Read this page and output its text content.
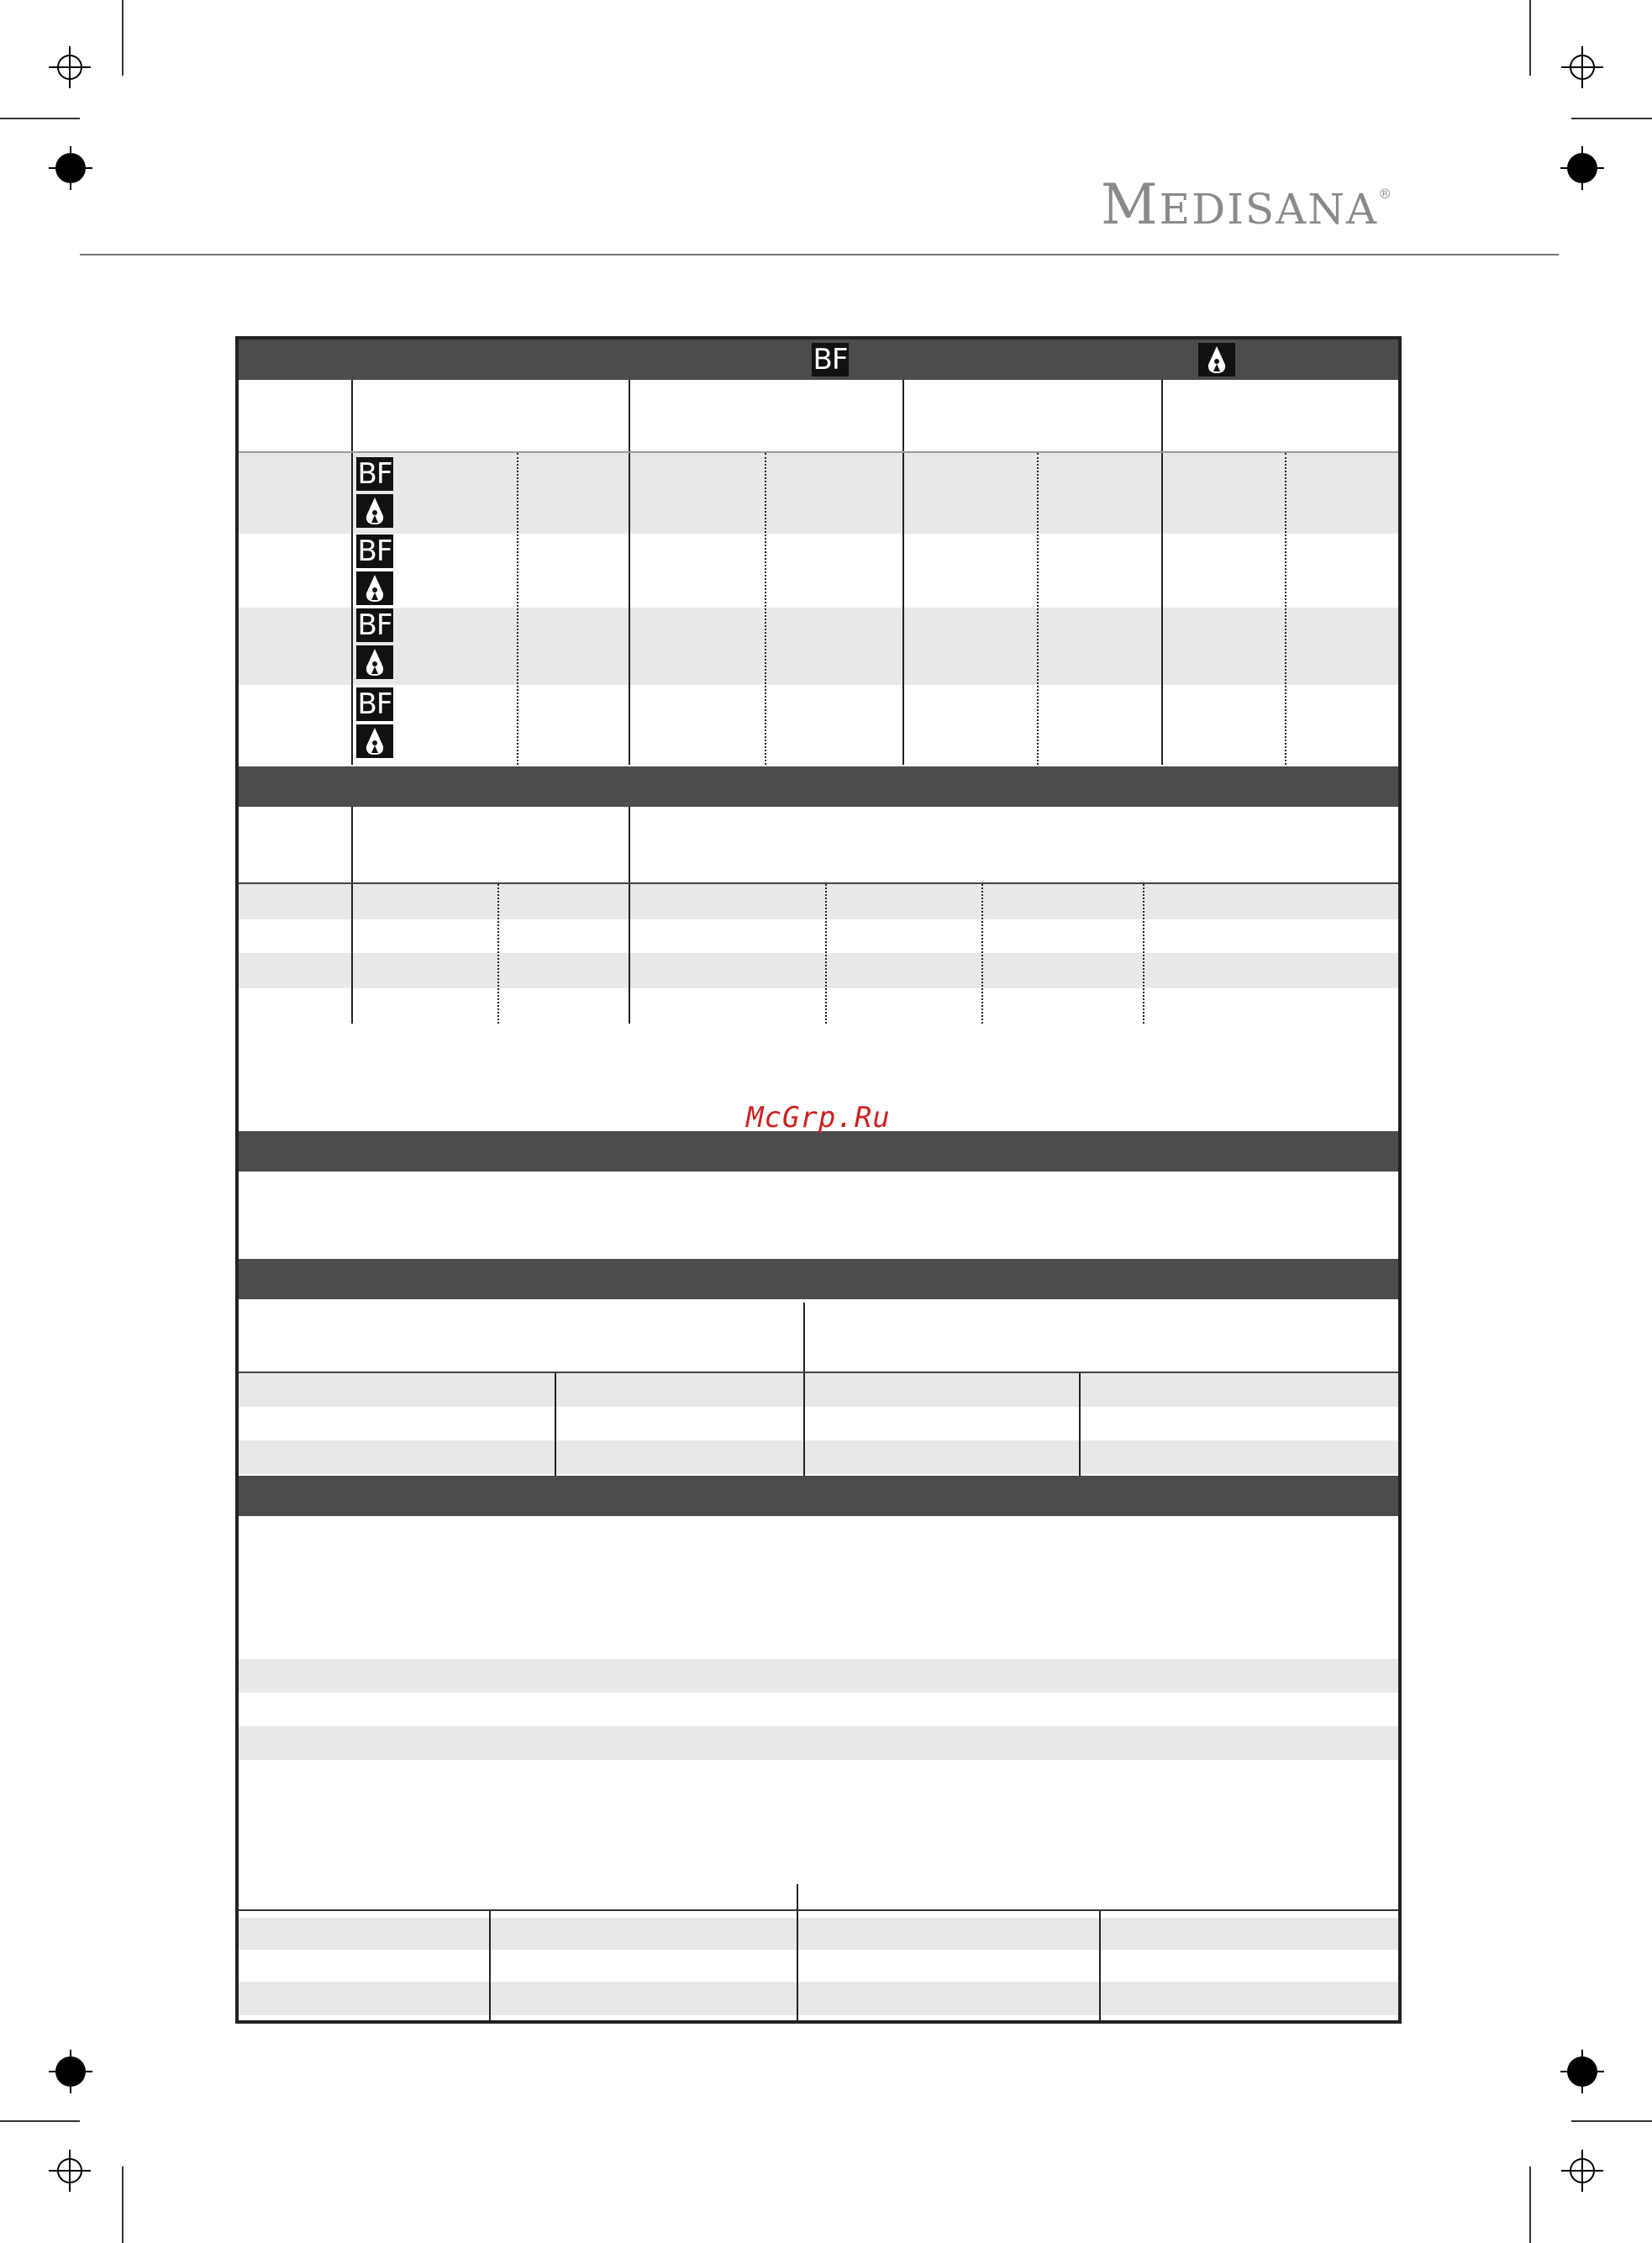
MEDISANA®
BF
BF
BF
BF
BF
McGrp.Ru
